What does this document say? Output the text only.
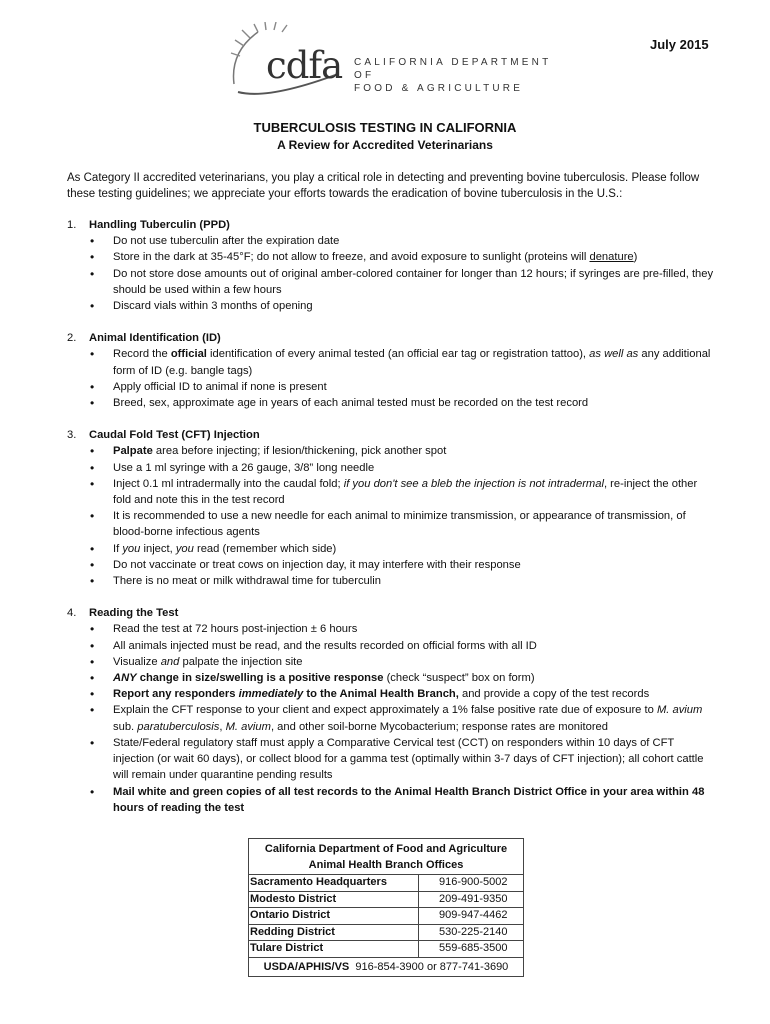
July 2015
cdfa CALIFORNIA DEPARTMENT OF
FOOD & AGRICULTURE
TUBERCULOSIS TESTING IN CALIFORNIA
A Review for Accredited Veterinarians
As Category II accredited veterinarians, you play a critical role in detecting and preventing bovine tuberculosis. Please follow these testing guidelines; we appreciate your efforts towards the eradication of bovine tuberculosis in the U.S.:
1.	Handling Tuberculin (PPD)
• Do not use tuberculin after the expiration date
• Store in the dark at 35-45°F; do not allow to freeze, and avoid exposure to sunlight (proteins will denature)
• Do not store dose amounts out of original amber-colored container for longer than 12 hours; if syringes are pre-filled, they should be used within a few hours
• Discard vials within 3 months of opening
2.	Animal Identification (ID)
• Record the official identification of every animal tested (an official ear tag or registration tattoo), as well as any additional form of ID (e.g. bangle tags)
• Apply official ID to animal if none is present
• Breed, sex, approximate age in years of each animal tested must be recorded on the test record
3.	Caudal Fold Test (CFT) Injection
• Palpate area before injecting; if lesion/thickening, pick another spot
• Use a 1 ml syringe with a 26 gauge, 3/8” long needle
• Inject 0.1 ml intradermally into the caudal fold; if you don't see a bleb the injection is not intradermal, re-inject the other fold and note this in the test record
• It is recommended to use a new needle for each animal to minimize transmission, or appearance of transmission, of blood-borne infectious agents
• If you inject, you read (remember which side)
• Do not vaccinate or treat cows on injection day, it may interfere with their response
• There is no meat or milk withdrawal time for tuberculin
4.	Reading the Test
• Read the test at 72 hours post-injection ± 6 hours
• All animals injected must be read, and the results recorded on official forms with all ID
• Visualize and palpate the injection site
• ANY change in size/swelling is a positive response (check “suspect” box on form)
• Report any responders immediately to the Animal Health Branch, and provide a copy of the test records
• Explain the CFT response to your client and expect approximately a 1% false positive rate due of exposure to M. avium sub. paratuberculosis, M. avium, and other soil-borne Mycobacterium; response rates are monitored
• State/Federal regulatory staff must apply a Comparative Cervical test (CCT) on responders within 10 days of CFT injection (or wait 60 days), or collect blood for a gamma test (optimally within 3-7 days of CFT injection); all cohort cattle will remain under quarantine pending results
• Mail white and green copies of all test records to the Animal Health Branch District Office in your area within 48 hours of reading the test
California Department of Food and Agriculture
Animal Health Branch Offices
Sacramento Headquarters	916-900-5002
Modesto District	209-491-9350
Ontario District	909-947-4462
Redding District	530-225-2140
Tulare District	559-685-3500
USDA/APHIS/VS 916-854-3900 or 877-741-3690
